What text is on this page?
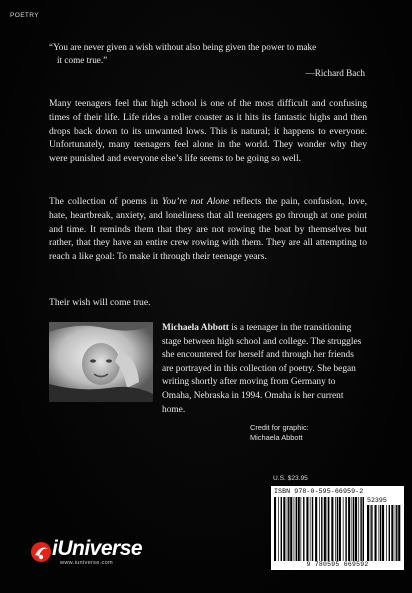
POETRY
“You are never given a wish without also being given the power to make
it come true.”
—Richard Bach
Many teenagers feel that high school is one of the most difficult and confusing times of their life. Life rides a roller coaster as it hits its fantastic highs and then drops back down to its unwanted lows. This is natural; it happens to everyone. Unfortunately, many teenagers feel alone in the world. They wonder why they were punished and everyone else’s life seems to be going so well.
The collection of poems in You’re not Alone reflects the pain, confusion, love, hate, heartbreak, anxiety, and loneliness that all teenagers go through at one point and time. It reminds them that they are not rowing the boat by themselves but rather, that they have an entire crew rowing with them. They are all attempting to reach a like goal: To make it through their teenage years.
Their wish will come true.
Michaela Abbott is a teenager in the transitioning stage between high school and college. The struggles she encountered for herself and through her friends are portrayed in this collection of poetry. She began writing shortly after moving from Germany to Omaha, Nebraska in 1994. Omaha is her current home.
Credit for graphic:
Michaela Abbott
U.S. $23.95
ISBN 978-0-595-66959-2
52395
9 780595 669592
iUniverse
www.iuniverse.com
